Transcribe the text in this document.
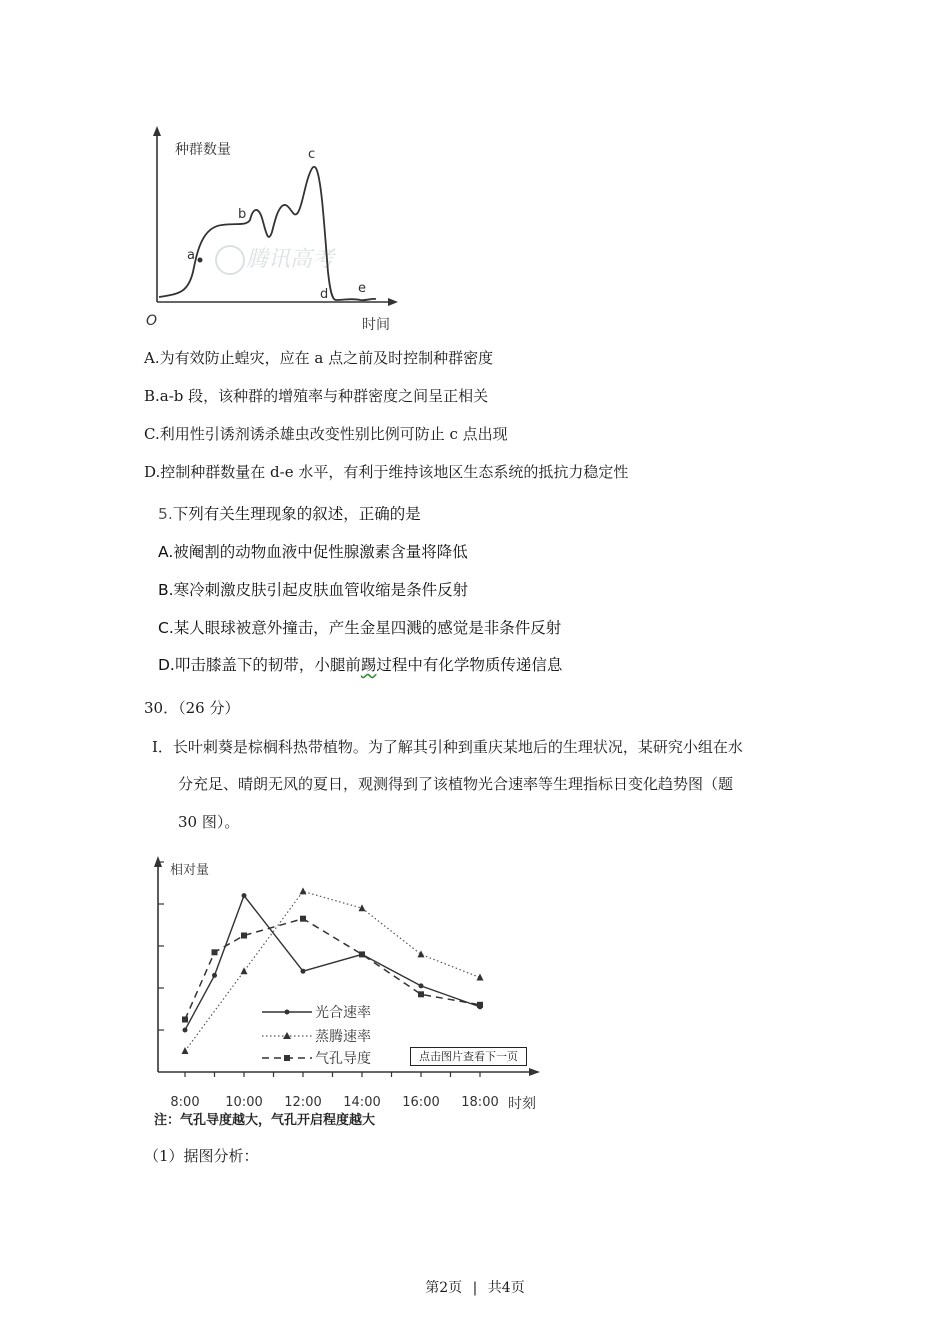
腾讯高考
种群数量
时间
O
a
b
c
d e
A.为有效防止蝗灾，应在 a 点之前及时控制种群密度
B.a-b 段，该种群的增殖率与种群密度之间呈正相关
C.利用性引诱剂诱杀雄虫改变性别比例可防止 c 点出现
D.控制种群数量在 d-e 水平，有利于维持该地区生态系统的抵抗力稳定性
5.下列有关生理现象的叙述，正确的是
A.被阉割的动物血液中促性腺激素含量将降低
B.寒冷刺激皮肤引起皮肤血管收缩是条件反射
C.某人眼球被意外撞击，产生金星四溅的感觉是非条件反射
D.叩击膝盖下的韧带，小腿前踢过程中有化学物质传递信息
30．（26 分）
Ⅰ．长叶刺葵是棕榈科热带植物。为了解其引种到重庆某地后的生理状况，某研究小组在水
分充足、晴朗无风的夏日，观测得到了该植物光合速率等生理指标日变化趋势图（题
30 图）。
相对量
时刻
8:00 10:00 12:00 14:00 16:00 18:00
光合速率
蒸腾速率
气孔导度
注：气孔导度越大，气孔开启程度越大
点击图片查看下一页
（1）据图分析：
第2页 | 共4页
